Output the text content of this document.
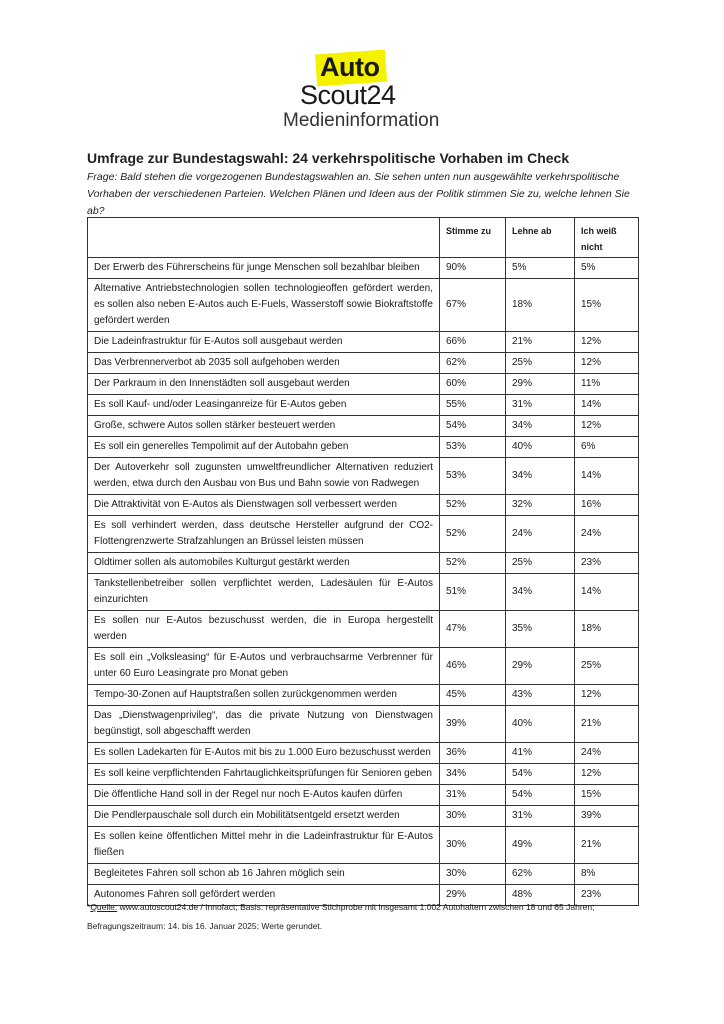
Auto
Scout24
Medieninformation
Umfrage zur Bundestagswahl: 24 verkehrspolitische Vorhaben im Check
Frage: Bald stehen die vorgezogenen Bundestagswahlen an. Sie sehen unten nun ausgewählte verkehrspolitische Vorhaben der verschiedenen Parteien. Welchen Plänen und Ideen aus der Politik stimmen Sie zu, welche lehnen Sie ab?
	Stimme zu	Lehne ab	Ich weiß nicht
Der Erwerb des Führerscheins für junge Menschen soll bezahlbar bleiben	90%	5%	5%
Alternative Antriebstechnologien sollen technologieoffen gefördert werden, es sollen also neben E-Autos auch E-Fuels, Wasserstoff sowie Biokraftstoffe gefördert werden	67%	18%	15%
Die Ladeinfrastruktur für E-Autos soll ausgebaut werden	66%	21%	12%
Das Verbrennerverbot ab 2035 soll aufgehoben werden	62%	25%	12%
Der Parkraum in den Innenstädten soll ausgebaut werden	60%	29%	11%
Es soll Kauf- und/oder Leasinganreize für E-Autos geben	55%	31%	14%
Große, schwere Autos sollen stärker besteuert werden	54%	34%	12%
Es soll ein generelles Tempolimit auf der Autobahn geben	53%	40%	6%
Der Autoverkehr soll zugunsten umweltfreundlicher Alternativen reduziert werden, etwa durch den Ausbau von Bus und Bahn sowie von Radwegen	53%	34%	14%
Die Attraktivität von E-Autos als Dienstwagen soll verbessert werden	52%	32%	16%
Es soll verhindert werden, dass deutsche Hersteller aufgrund der CO2-Flottengrenzwerte Strafzahlungen an Brüssel leisten müssen	52%	24%	24%
Oldtimer sollen als automobiles Kulturgut gestärkt werden	52%	25%	23%
Tankstellenbetreiber sollen verpflichtet werden, Ladesäulen für E-Autos einzurichten	51%	34%	14%
Es sollen nur E-Autos bezuschusst werden, die in Europa hergestellt werden	47%	35%	18%
Es soll ein „Volksleasing“ für E-Autos und verbrauchsarme Verbrenner für unter 60 Euro Leasingrate pro Monat geben	46%	29%	25%
Tempo-30-Zonen auf Hauptstraßen sollen zurückgenommen werden	45%	43%	12%
Das „Dienstwagenprivileg“, das die private Nutzung von Dienstwagen begünstigt, soll abgeschafft werden	39%	40%	21%
Es sollen Ladekarten für E-Autos mit bis zu 1.000 Euro bezuschusst werden	36%	41%	24%
Es soll keine verpflichtenden Fahrtauglichkeitsprüfungen für Senioren geben	34%	54%	12%
Die öffentliche Hand soll in der Regel nur noch E-Autos kaufen dürfen	31%	54%	15%
Die Pendlerpauschale soll durch ein Mobilitätsentgeld ersetzt werden	30%	31%	39%
Es sollen keine öffentlichen Mittel mehr in die Ladeinfrastruktur für E-Autos fließen	30%	49%	21%
Begleitetes Fahren soll schon ab 16 Jahren möglich sein	30%	62%	8%
Autonomes Fahren soll gefördert werden	29%	48%	23%
*Quelle: www.autoscout24.de / Innofact; Basis: repräsentative Stichprobe mit insgesamt 1.002 Autohaltern zwischen 18 und 65 Jahren; Befragungszeitraum: 14. bis 16. Januar 2025; Werte gerundet.
